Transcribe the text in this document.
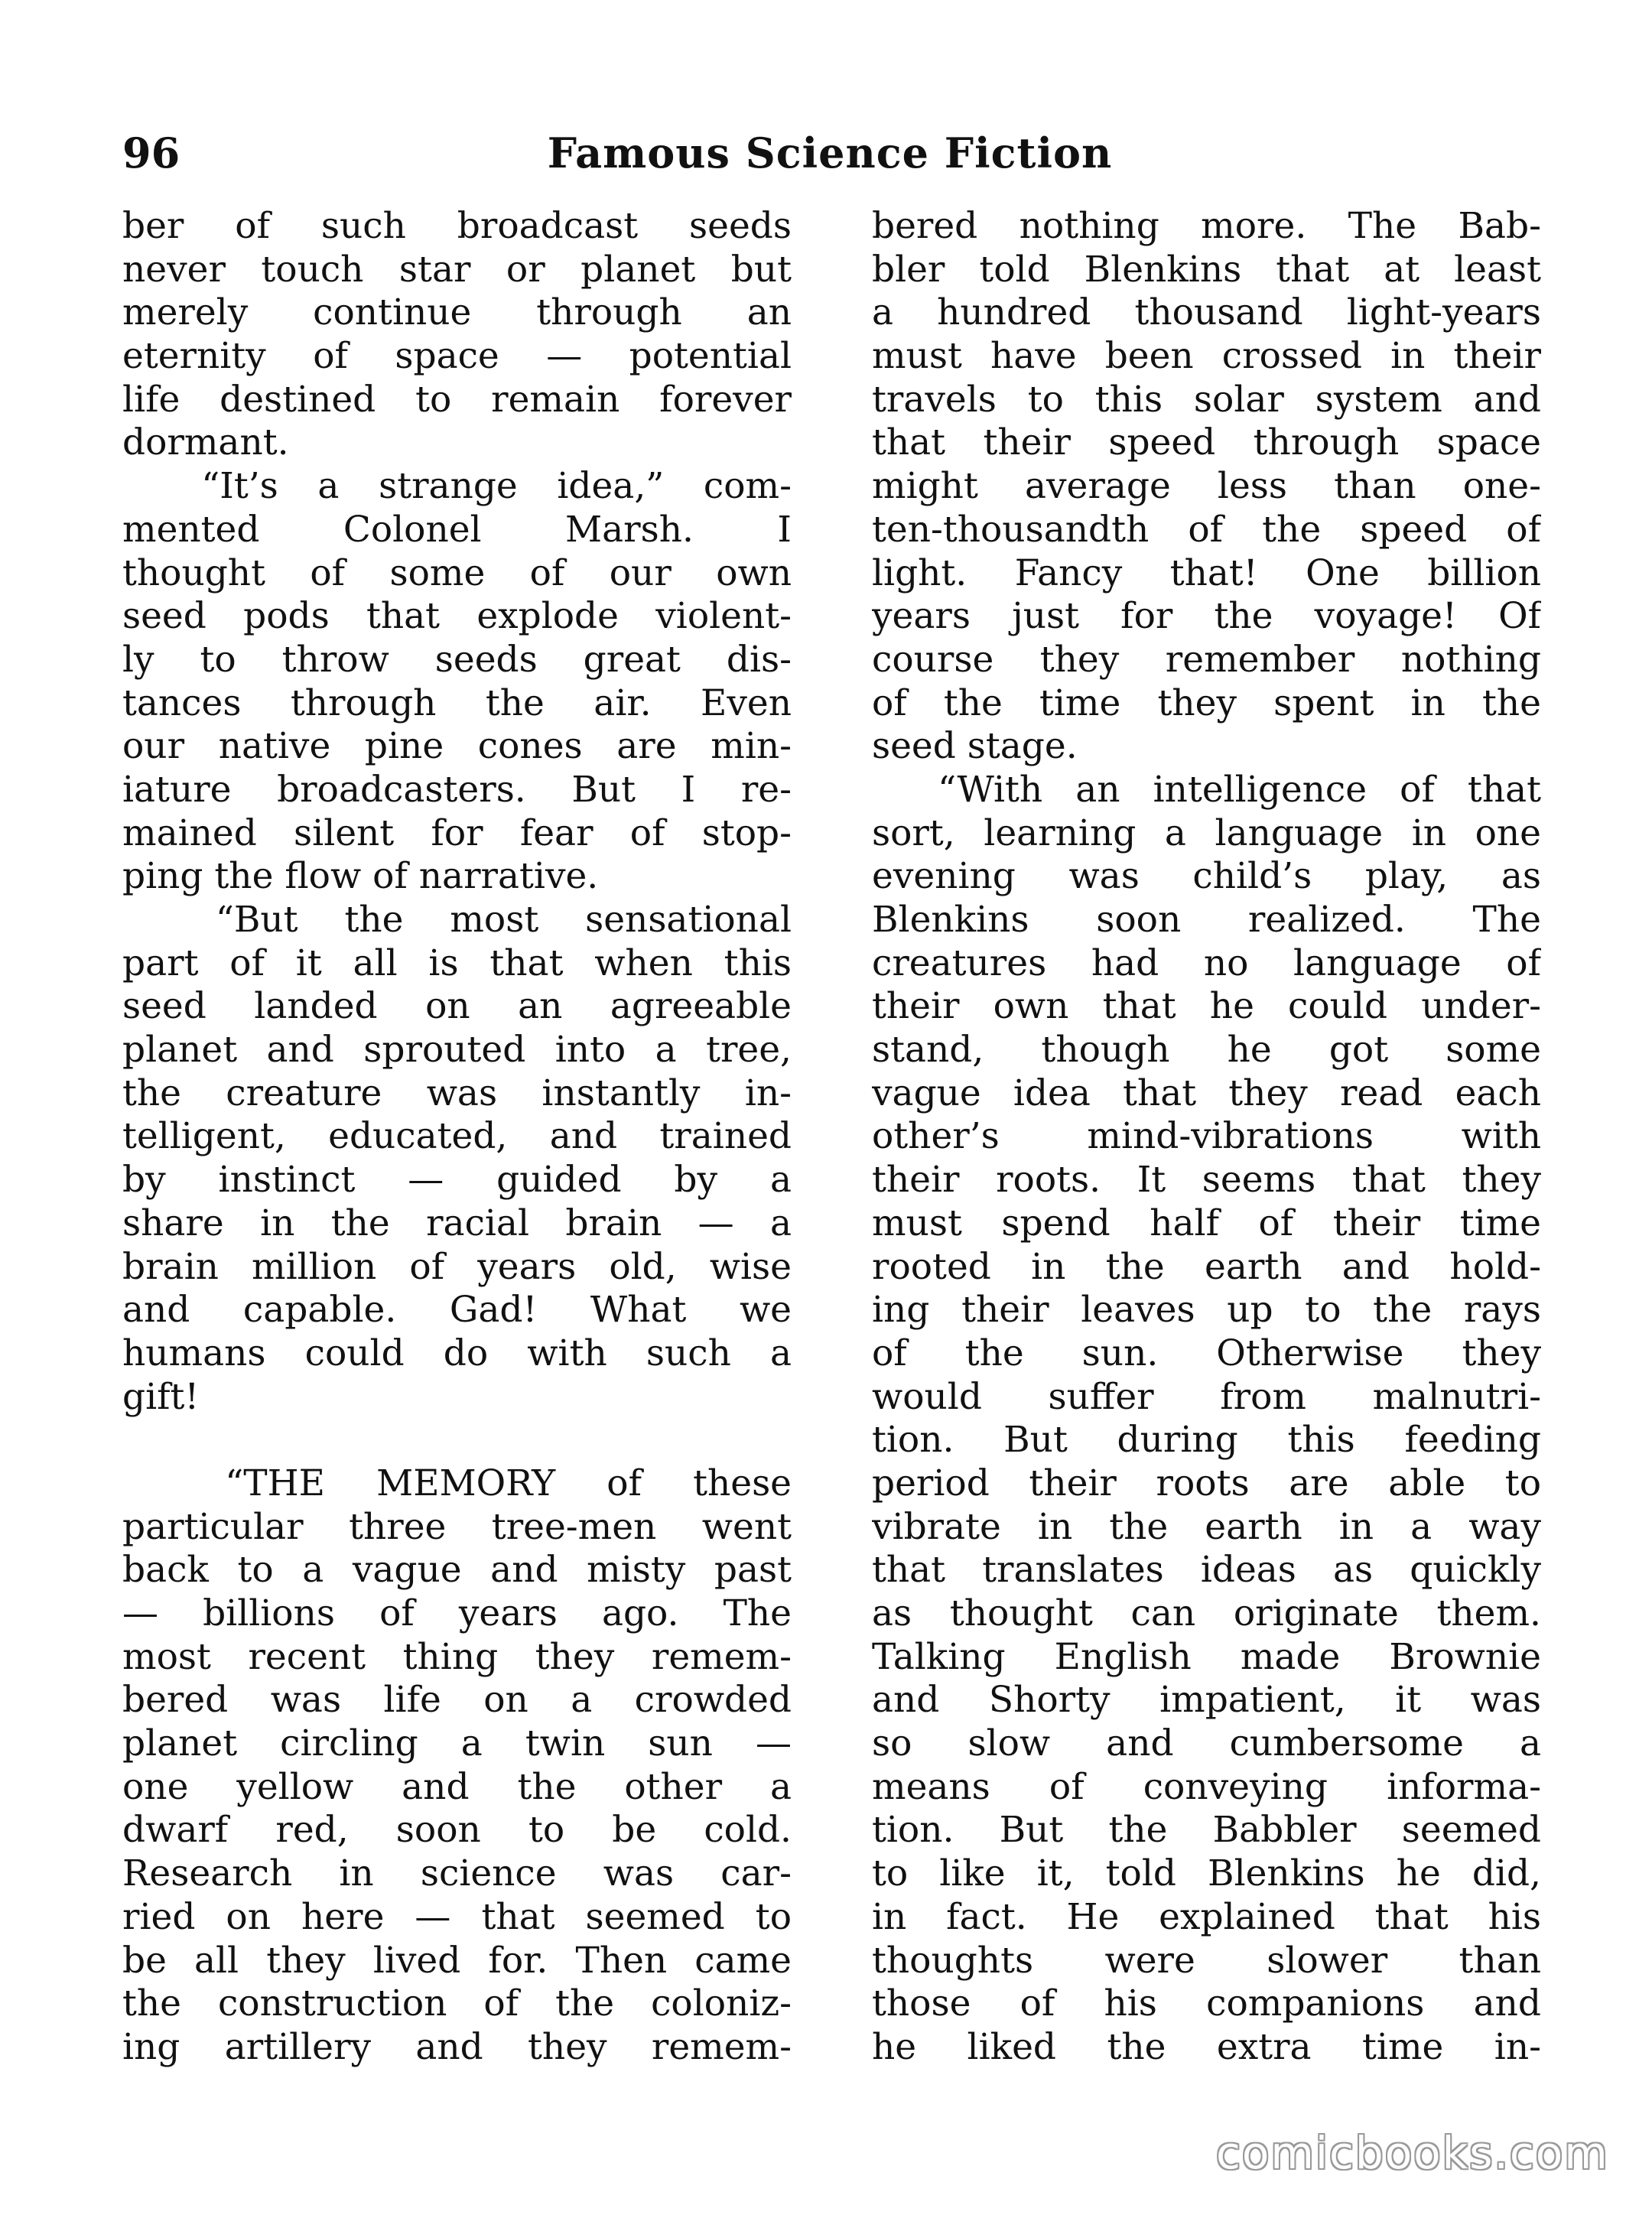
96	Famous Science Fiction
ber of such broadcast seeds
never touch star or planet but
merely continue through an
eternity of space — potential
life destined to remain forever
dormant.
“It’s a strange idea,” com-
mented Colonel Marsh. I
thought of some of our own
seed pods that explode violent-
ly to throw seeds great dis-
tances through the air. Even
our native pine cones are min-
iature broadcasters. But I re-
mained silent for fear of stop-
ping the flow of narrative.
“But the most sensational
part of it all is that when this
seed landed on an agreeable
planet and sprouted into a tree,
the creature was instantly in-
telligent, educated, and trained
by instinct — guided by a
share in the racial brain — a
brain million of years old, wise
and capable. Gad! What we
humans could do with such a
gift!
“THE MEMORY of these
particular three tree-men went
back to a vague and misty past
— billions of years ago. The
most recent thing they remem-
bered was life on a crowded
planet circling a twin sun —
one yellow and the other a
dwarf red, soon to be cold.
Research in science was car-
ried on here — that seemed to
be all they lived for. Then came
the construction of the coloniz-
ing artillery and they remem-
bered nothing more. The Bab-
bler told Blenkins that at least
a hundred thousand light-years
must have been crossed in their
travels to this solar system and
that their speed through space
might average less than one-
ten-thousandth of the speed of
light. Fancy that! One billion
years just for the voyage! Of
course they remember nothing
of the time they spent in the
seed stage.
“With an intelligence of that
sort, learning a language in one
evening was child’s play, as
Blenkins soon realized. The
creatures had no language of
their own that he could under-
stand, though he got some
vague idea that they read each
other’s mind-vibrations with
their roots. It seems that they
must spend half of their time
rooted in the earth and hold-
ing their leaves up to the rays
of the sun. Otherwise they
would suffer from malnutri-
tion. But during this feeding
period their roots are able to
vibrate in the earth in a way
that translates ideas as quickly
as thought can originate them.
Talking English made Brownie
and Shorty impatient, it was
so slow and cumbersome a
means of conveying informa-
tion. But the Babbler seemed
to like it, told Blenkins he did,
in fact. He explained that his
thoughts were slower than
those of his companions and
he liked the extra time in-
comicbooks.com
